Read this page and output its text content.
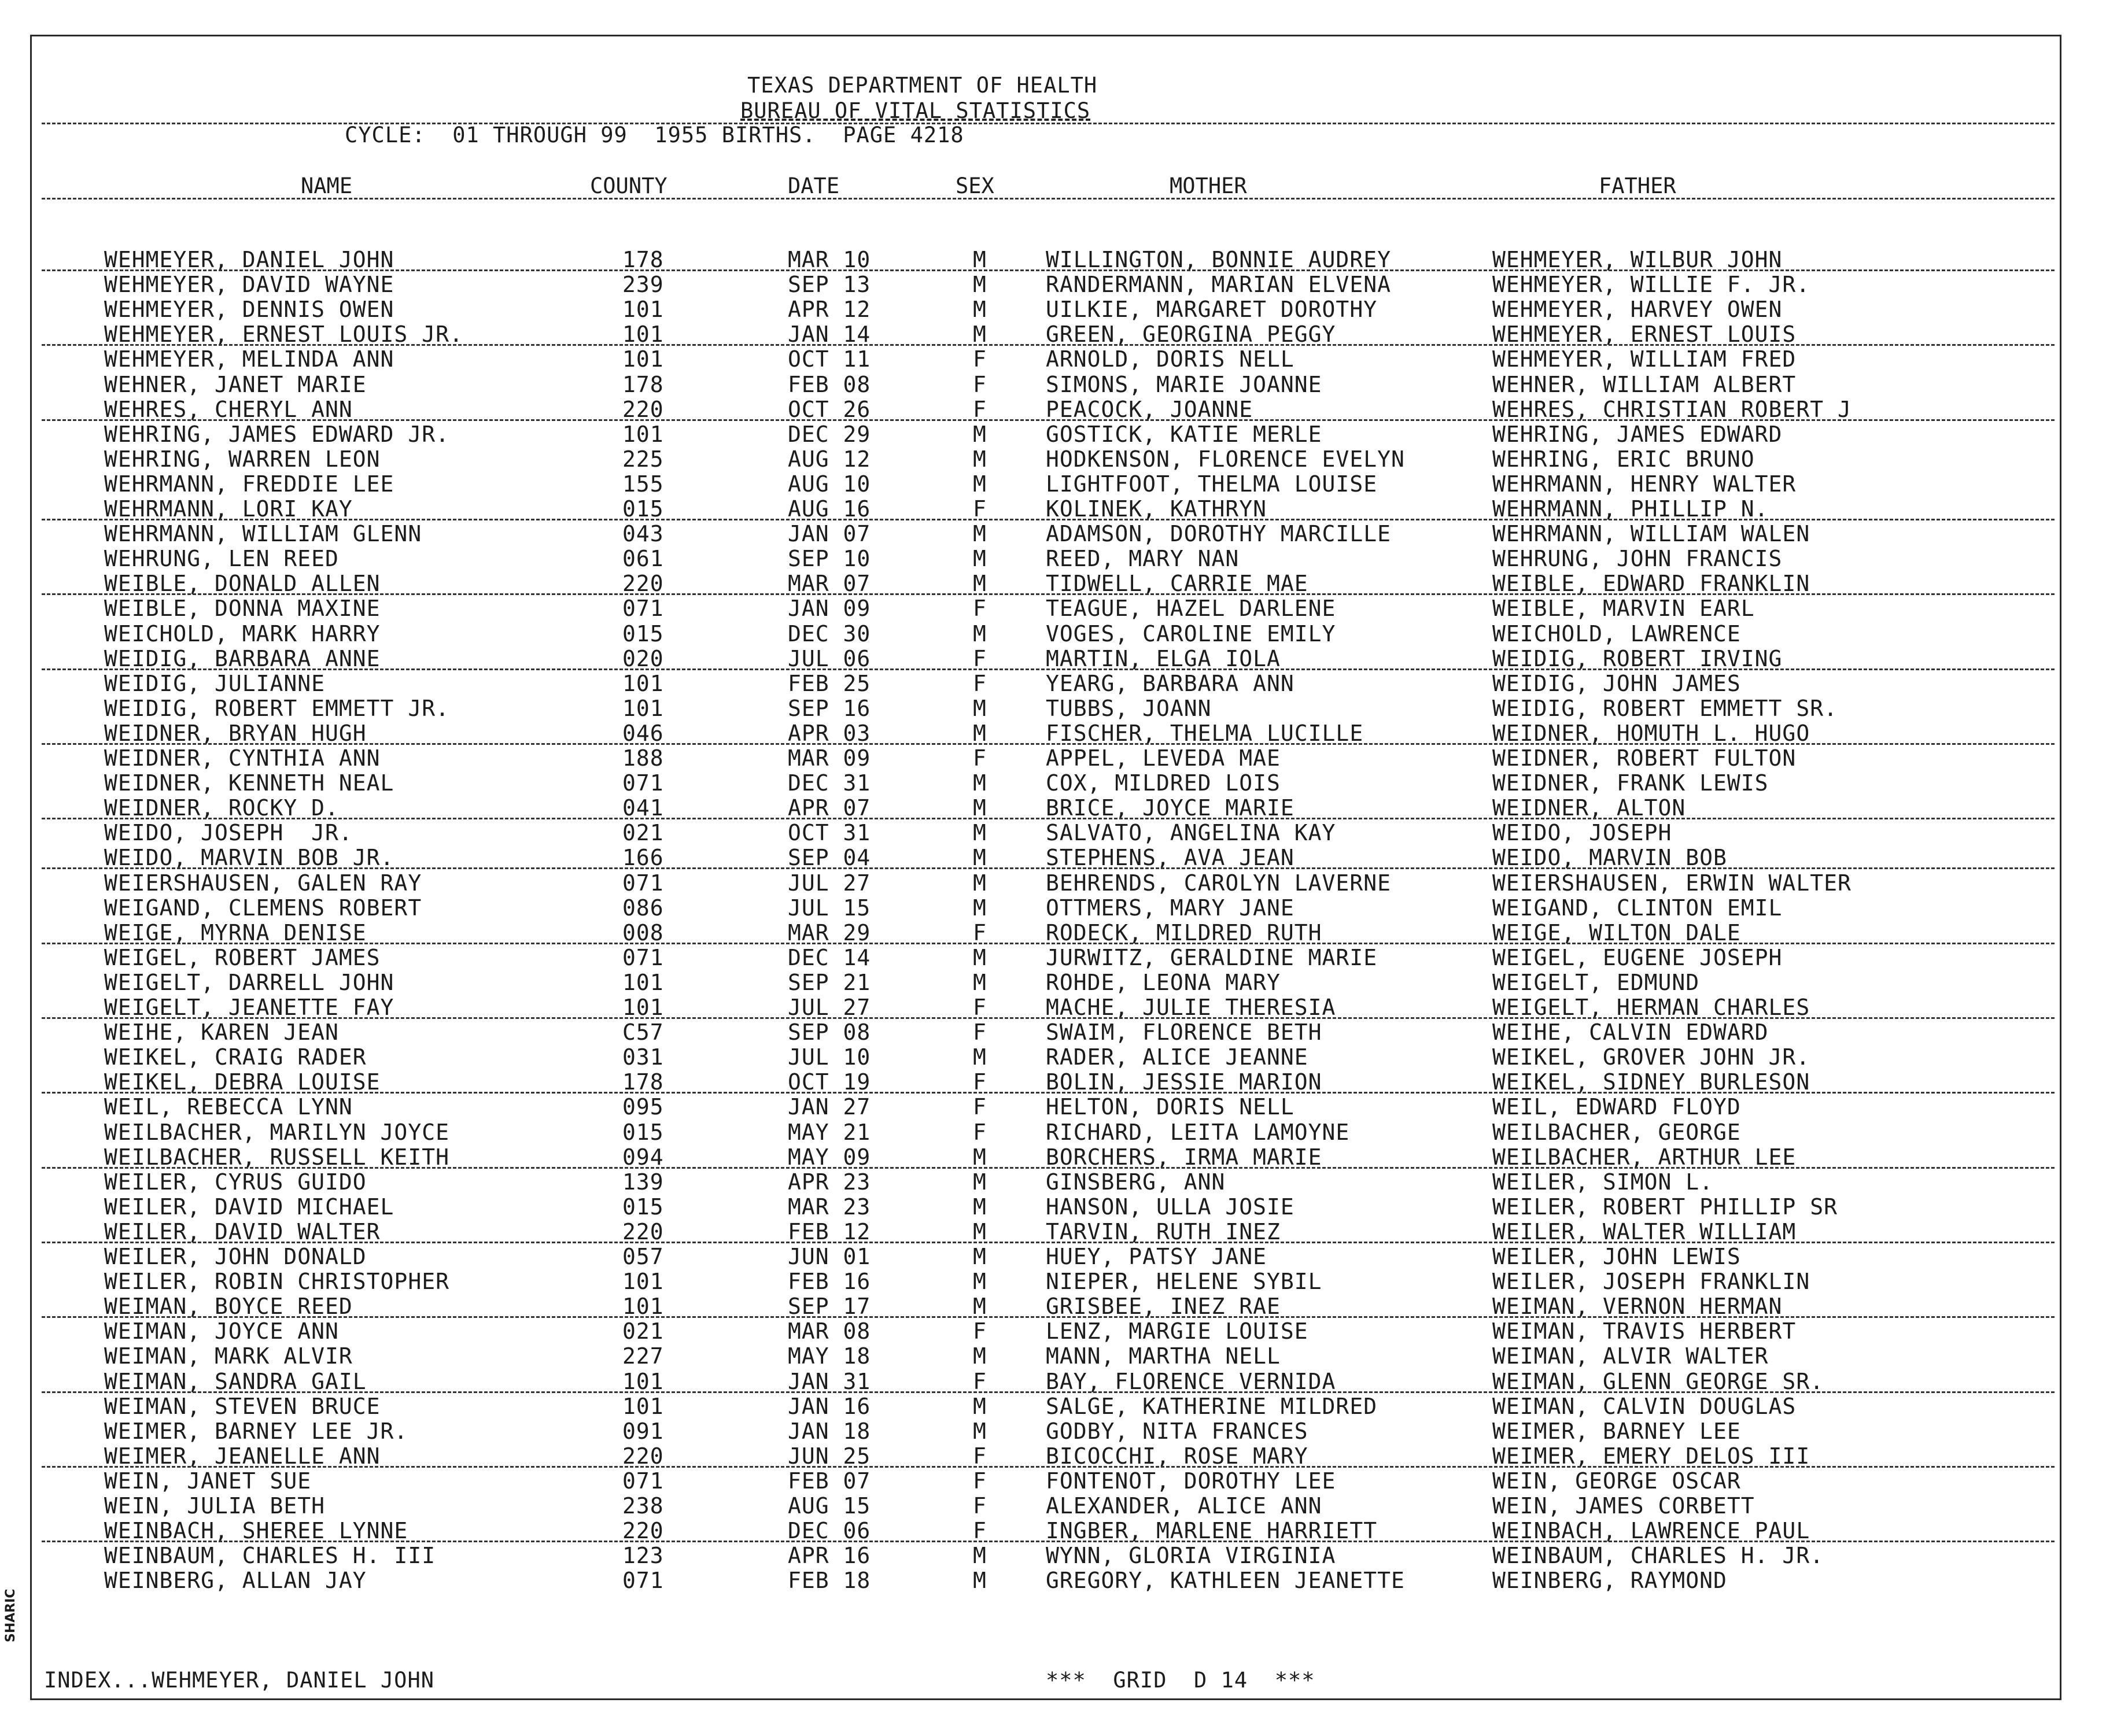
TEXAS DEPARTMENT OF HEALTH
BUREAU OF VITAL STATISTICS
CYCLE:  01 THROUGH 99  1955 BIRTHS.  PAGE 4218
NAME	COUNTY	DATE	SEX	MOTHER	FATHER
WEHMEYER, DANIEL JOHN	178	MAR 10	M	WILLINGTON, BONNIE AUDREY	WEHMEYER, WILBUR JOHN
WEHMEYER, DAVID WAYNE	239	SEP 13	M	RANDERMANN, MARIAN ELVENA	WEHMEYER, WILLIE F. JR.
WEHMEYER, DENNIS OWEN	101	APR 12	M	UILKIE, MARGARET DOROTHY	WEHMEYER, HARVEY OWEN
WEHMEYER, ERNEST LOUIS JR.	101	JAN 14	M	GREEN, GEORGINA PEGGY	WEHMEYER, ERNEST LOUIS
WEHMEYER, MELINDA ANN	101	OCT 11	F	ARNOLD, DORIS NELL	WEHMEYER, WILLIAM FRED
WEHNER, JANET MARIE	178	FEB 08	F	SIMONS, MARIE JOANNE	WEHNER, WILLIAM ALBERT
WEHRES, CHERYL ANN	220	OCT 26	F	PEACOCK, JOANNE	WEHRES, CHRISTIAN ROBERT J
WEHRING, JAMES EDWARD JR.	101	DEC 29	M	GOSTICK, KATIE MERLE	WEHRING, JAMES EDWARD
WEHRING, WARREN LEON	225	AUG 12	M	HODKENSON, FLORENCE EVELYN	WEHRING, ERIC BRUNO
WEHRMANN, FREDDIE LEE	155	AUG 10	M	LIGHTFOOT, THELMA LOUISE	WEHRMANN, HENRY WALTER
WEHRMANN, LORI KAY	015	AUG 16	F	KOLINEK, KATHRYN	WEHRMANN, PHILLIP N.
WEHRMANN, WILLIAM GLENN	043	JAN 07	M	ADAMSON, DOROTHY MARCILLE	WEHRMANN, WILLIAM WALEN
WEHRUNG, LEN REED	061	SEP 10	M	REED, MARY NAN	WEHRUNG, JOHN FRANCIS
WEIBLE, DONALD ALLEN	220	MAR 07	M	TIDWELL, CARRIE MAE	WEIBLE, EDWARD FRANKLIN
WEIBLE, DONNA MAXINE	071	JAN 09	F	TEAGUE, HAZEL DARLENE	WEIBLE, MARVIN EARL
WEICHOLD, MARK HARRY	015	DEC 30	M	VOGES, CAROLINE EMILY	WEICHOLD, LAWRENCE
WEIDIG, BARBARA ANNE	020	JUL 06	F	MARTIN, ELGA IOLA	WEIDIG, ROBERT IRVING
WEIDIG, JULIANNE	101	FEB 25	F	YEARG, BARBARA ANN	WEIDIG, JOHN JAMES
WEIDIG, ROBERT EMMETT JR.	101	SEP 16	M	TUBBS, JOANN	WEIDIG, ROBERT EMMETT SR.
WEIDNER, BRYAN HUGH	046	APR 03	M	FISCHER, THELMA LUCILLE	WEIDNER, HOMUTH L. HUGO
WEIDNER, CYNTHIA ANN	188	MAR 09	F	APPEL, LEVEDA MAE	WEIDNER, ROBERT FULTON
WEIDNER, KENNETH NEAL	071	DEC 31	M	COX, MILDRED LOIS	WEIDNER, FRANK LEWIS
WEIDNER, ROCKY D.	041	APR 07	M	BRICE, JOYCE MARIE	WEIDNER, ALTON
WEIDO, JOSEPH  JR.	021	OCT 31	M	SALVATO, ANGELINA KAY	WEIDO, JOSEPH
WEIDO, MARVIN BOB JR.	166	SEP 04	M	STEPHENS, AVA JEAN	WEIDO, MARVIN BOB
WEIERSHAUSEN, GALEN RAY	071	JUL 27	M	BEHRENDS, CAROLYN LAVERNE	WEIERSHAUSEN, ERWIN WALTER
WEIGAND, CLEMENS ROBERT	086	JUL 15	M	OTTMERS, MARY JANE	WEIGAND, CLINTON EMIL
WEIGE, MYRNA DENISE	008	MAR 29	F	RODECK, MILDRED RUTH	WEIGE, WILTON DALE
WEIGEL, ROBERT JAMES	071	DEC 14	M	JURWITZ, GERALDINE MARIE	WEIGEL, EUGENE JOSEPH
WEIGELT, DARRELL JOHN	101	SEP 21	M	ROHDE, LEONA MARY	WEIGELT, EDMUND
WEIGELT, JEANETTE FAY	101	JUL 27	F	MACHE, JULIE THERESIA	WEIGELT, HERMAN CHARLES
WEIHE, KAREN JEAN	C57	SEP 08	F	SWAIM, FLORENCE BETH	WEIHE, CALVIN EDWARD
WEIKEL, CRAIG RADER	031	JUL 10	M	RADER, ALICE JEANNE	WEIKEL, GROVER JOHN JR.
WEIKEL, DEBRA LOUISE	178	OCT 19	F	BOLIN, JESSIE MARION	WEIKEL, SIDNEY BURLESON
WEIL, REBECCA LYNN	095	JAN 27	F	HELTON, DORIS NELL	WEIL, EDWARD FLOYD
WEILBACHER, MARILYN JOYCE	015	MAY 21	F	RICHARD, LEITA LAMOYNE	WEILBACHER, GEORGE
WEILBACHER, RUSSELL KEITH	094	MAY 09	M	BORCHERS, IRMA MARIE	WEILBACHER, ARTHUR LEE
WEILER, CYRUS GUIDO	139	APR 23	M	GINSBERG, ANN	WEILER, SIMON L.
WEILER, DAVID MICHAEL	015	MAR 23	M	HANSON, ULLA JOSIE	WEILER, ROBERT PHILLIP SR
WEILER, DAVID WALTER	220	FEB 12	M	TARVIN, RUTH INEZ	WEILER, WALTER WILLIAM
WEILER, JOHN DONALD	057	JUN 01	M	HUEY, PATSY JANE	WEILER, JOHN LEWIS
WEILER, ROBIN CHRISTOPHER	101	FEB 16	M	NIEPER, HELENE SYBIL	WEILER, JOSEPH FRANKLIN
WEIMAN, BOYCE REED	101	SEP 17	M	GRISBEE, INEZ RAE	WEIMAN, VERNON HERMAN
WEIMAN, JOYCE ANN	021	MAR 08	F	LENZ, MARGIE LOUISE	WEIMAN, TRAVIS HERBERT
WEIMAN, MARK ALVIR	227	MAY 18	M	MANN, MARTHA NELL	WEIMAN, ALVIR WALTER
WEIMAN, SANDRA GAIL	101	JAN 31	F	BAY, FLORENCE VERNIDA	WEIMAN, GLENN GEORGE SR.
WEIMAN, STEVEN BRUCE	101	JAN 16	M	SALGE, KATHERINE MILDRED	WEIMAN, CALVIN DOUGLAS
WEIMER, BARNEY LEE JR.	091	JAN 18	M	GODBY, NITA FRANCES	WEIMER, BARNEY LEE
WEIMER, JEANELLE ANN	220	JUN 25	F	BICOCCHI, ROSE MARY	WEIMER, EMERY DELOS III
WEIN, JANET SUE	071	FEB 07	F	FONTENOT, DOROTHY LEE	WEIN, GEORGE OSCAR
WEIN, JULIA BETH	238	AUG 15	F	ALEXANDER, ALICE ANN	WEIN, JAMES CORBETT
WEINBACH, SHEREE LYNNE	220	DEC 06	F	INGBER, MARLENE HARRIETT	WEINBACH, LAWRENCE PAUL
WEINBAUM, CHARLES H. III	123	APR 16	M	WYNN, GLORIA VIRGINIA	WEINBAUM, CHARLES H. JR.
WEINBERG, ALLAN JAY	071	FEB 18	M	GREGORY, KATHLEEN JEANETTE	WEINBERG, RAYMOND
INDEX...WEHMEYER, DANIEL JOHN	***  GRID  D 14  ***
SHARIC
